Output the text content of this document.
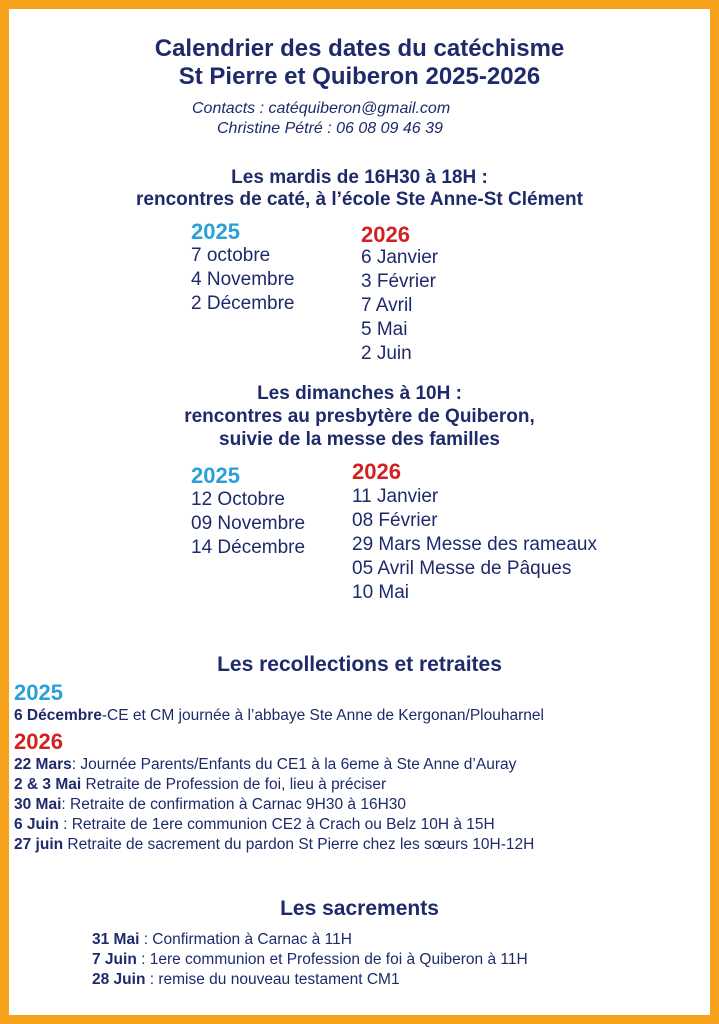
Calendrier des dates du catéchisme
St Pierre et Quiberon 2025-2026
Contacts : catéquiberon@gmail.com
Christine Pétré : 06 08 09 46 39
Les mardis de 16H30 à 18H :
rencontres de caté, à l’école Ste Anne-St Clément
2025
7 octobre
4 Novembre
2 Décembre
2026
6 Janvier
3 Février
7 Avril
5 Mai
2 Juin
Les dimanches à 10H :
rencontres au presbytère de Quiberon,
suivie de la messe des familles
2025
12 Octobre
09 Novembre
14 Décembre
2026
11 Janvier
08 Février
29 Mars Messe des rameaux
05 Avril Messe de Pâques
10 Mai
Les recollections et retraites
2025
6 Décembre-CE et CM journée à l’abbaye Ste Anne de Kergonan/Plouharnel
2026
22 Mars: Journée Parents/Enfants du CE1 à la 6eme à Ste Anne d’Auray
2 & 3 Mai Retraite de Profession de foi, lieu à préciser
30 Mai: Retraite de confirmation à Carnac 9H30 à 16H30
6 Juin : Retraite de 1ere communion CE2 à Crach ou Belz 10H à 15H
27 juin Retraite de sacrement du pardon St Pierre chez les sœurs 10H-12H
Les sacrements
31 Mai : Confirmation à Carnac à 11H
7 Juin : 1ere communion et Profession de foi à Quiberon à 11H
28 Juin : remise du nouveau testament CM1
